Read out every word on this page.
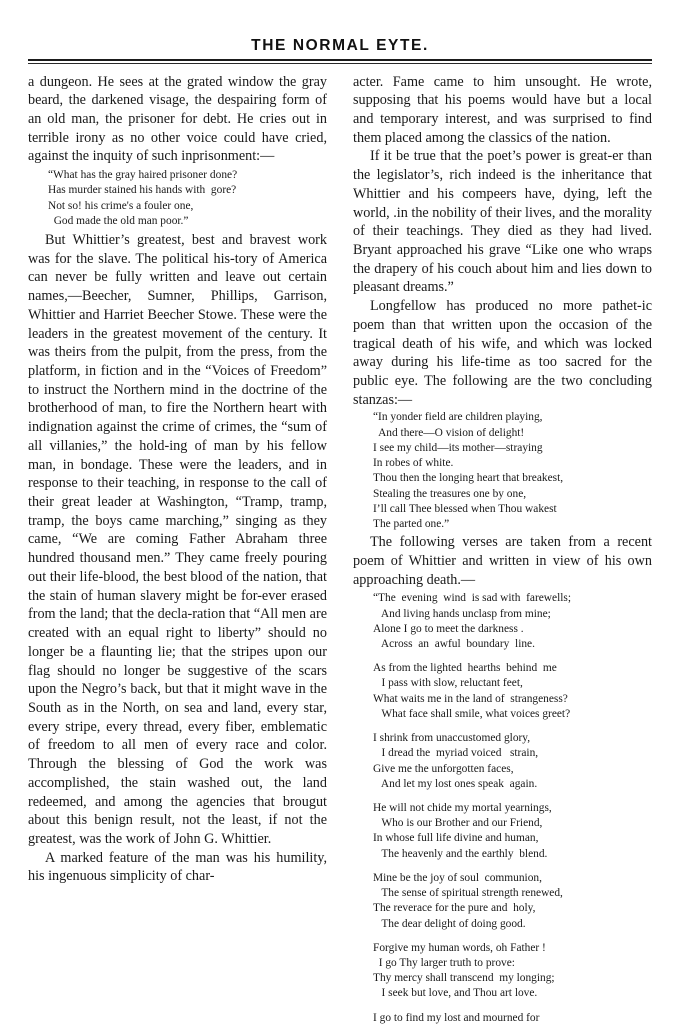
THE NORMAL EYTE.

a dungeon. He sees at the grated window the gray beard, the darkened visage, the despairing form of an old man, the prisoner for debt. He cries out in terrible irony as no other voice could have cried, against the inquity of such inprisonment:—

“What has the gray haired prisoner done?
Has murder stained his hands with  gore?
Not so! his crime's a fouler one,
God made the old man poor.”

But Whittier’s greatest, best and bravest work was for the slave. The political his-tory of America can never be fully written and leave out certain names,—Beecher, Sumner, Phillips, Garrison, Whittier and Harriet Beecher Stowe. These were the leaders in the greatest movement of the century. It was theirs from the pulpit, from the press, from the platform, in fiction and in the “Voices of Freedom” to instruct the Northern mind in the doctrine of the brotherhood of man, to fire the Northern heart with indignation against the crime of crimes, the “sum of all villanies,” the hold-ing of man by his fellow man, in bondage. These were the leaders, and in response to their teaching, in response to the call of their great leader at Washington, “Tramp, tramp, tramp, the boys came marching,” singing as they came, “We are coming Father Abraham three hundred thousand men.” They came freely pouring out their life-blood, the best blood of the nation, that the stain of human slavery might be for-ever erased from the land; that the decla-ration that “All men are created with an equal right to liberty” should no longer be a flaunting lie; that the stripes upon our flag should no longer be suggestive of the scars upon the Negro’s back, but that it might wave in the South as in the North, on sea and land, every star, every stripe, every thread, every fiber, emblematic of freedom to all men of every race and color. Through the blessing of God the work was accomplished, the stain washed out, the land redeemed, and among the agencies that brougut about this benign result, not the least, if not the greatest, was the work of John G. Whittier.

A marked feature of the man was his humility, his ingenuous simplicity of char-

acter. Fame came to him unsought. He wrote, supposing that his poems would have but a local and temporary interest, and was surprised to find them placed among the classics of the nation.

If it be true that the poet’s power is great-er than the legislator’s, rich indeed is the inheritance that Whittier and his compeers have, dying, left the world, .in the nobility of their lives, and the morality of their teachings. They died as they had lived. Bryant approached his grave “Like one who wraps the drapery of his couch about him and lies down to pleasant dreams.”

Longfellow has produced no more pathet-ic poem than that written upon the occasion of the tragical death of his wife, and which was locked away during his life-time as too sacred for the public eye. The following are the two concluding stanzas:—

“In yonder field are children playing,
And there—O vision of delight!
I see my child—its mother—straying
In robes of white.
Thou then the longing heart that breakest,
Stealing the treasures one by one,
I’ll call Thee blessed when Thou wakest
The parted one.”

The following verses are taken from a recent poem of Whittier and written in view of his own approaching death.—

“The  evening  wind  is sad with  farewells;
And living hands unclasp from mine;
Alone I go to meet the darkness .
Across  an  awful  boundary  line.
As from the lighted  hearths  behind  me
I pass with slow, reluctant feet,
What waits me in the land of  strangeness?
What face shall smile, what voices greet?
I shrink from unaccustomed glory,
I dread the  myriad voiced   strain,
Give me the unforgotten faces,
And let my lost ones speak  again.
He will not chide my mortal yearnings,
Who is our Brother and our Friend,
In whose full life divine and human,
The heavenly and the earthly  blend.
Mine be the joy of soul  communion,
The sense of spiritual strength renewed,
The reverace for the pure and  holy,
The dear delight of doing good.
Forgive my human words, oh Father !
I go Thy larger truth to prove:
Thy mercy shall transcend  my longing;
I seek but love, and Thou art love.
I go to find my lost and mourned for
